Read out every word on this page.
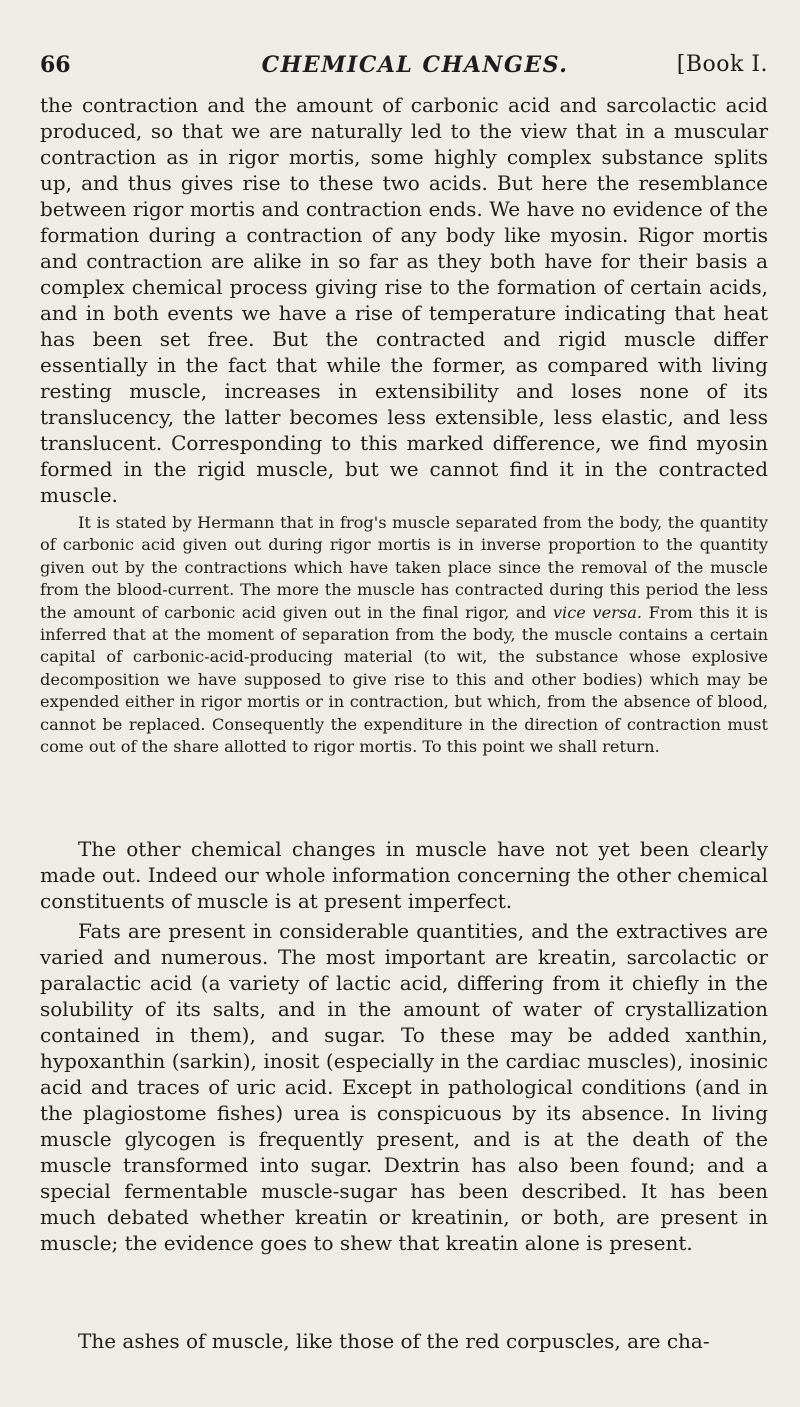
66	CHEMICAL CHANGES.	[Book I.

the contraction and the amount of carbonic acid and sarcolactic acid produced, so that we are naturally led to the view that in a muscular contraction as in rigor mortis, some highly complex substance splits up, and thus gives rise to these two acids. But here the resemblance between rigor mortis and contraction ends. We have no evidence of the formation during a contraction of any body like myosin. Rigor mortis and contraction are alike in so far as they both have for their basis a complex chemical process giving rise to the formation of certain acids, and in both events we have a rise of temperature indicating that heat has been set free. But the contracted and rigid muscle differ essentially in the fact that while the former, as compared with living resting muscle, increases in extensibility and loses none of its translucency, the latter becomes less extensible, less elastic, and less translucent. Corresponding to this marked difference, we find myosin formed in the rigid muscle, but we cannot find it in the contracted muscle.

It is stated by Hermann that in frog's muscle separated from the body, the quantity of carbonic acid given out during rigor mortis is in inverse proportion to the quantity given out by the contractions which have taken place since the removal of the muscle from the blood-current. The more the muscle has contracted during this period the less the amount of carbonic acid given out in the final rigor, and vice versa. From this it is inferred that at the moment of separation from the body, the muscle contains a certain capital of carbonic-acid-producing material (to wit, the substance whose explosive decomposition we have supposed to give rise to this and other bodies) which may be expended either in rigor mortis or in contraction, but which, from the absence of blood, cannot be replaced. Consequently the expenditure in the direction of contraction must come out of the share allotted to rigor mortis. To this point we shall return.

The other chemical changes in muscle have not yet been clearly made out. Indeed our whole information concerning the other chemical constituents of muscle is at present imperfect.

Fats are present in considerable quantities, and the extractives are varied and numerous. The most important are kreatin, sarcolactic or paralactic acid (a variety of lactic acid, differing from it chiefly in the solubility of its salts, and in the amount of water of crystallization contained in them), and sugar. To these may be added xanthin, hypoxanthin (sarkin), inosit (especially in the cardiac muscles), inosinic acid and traces of uric acid. Except in pathological conditions (and in the plagiostome fishes) urea is conspicuous by its absence. In living muscle glycogen is frequently present, and is at the death of the muscle transformed into sugar. Dextrin has also been found; and a special fermentable muscle-sugar has been described. It has been much debated whether kreatin or kreatinin, or both, are present in muscle; the evidence goes to shew that kreatin alone is present.

The ashes of muscle, like those of the red corpuscles, are cha-
